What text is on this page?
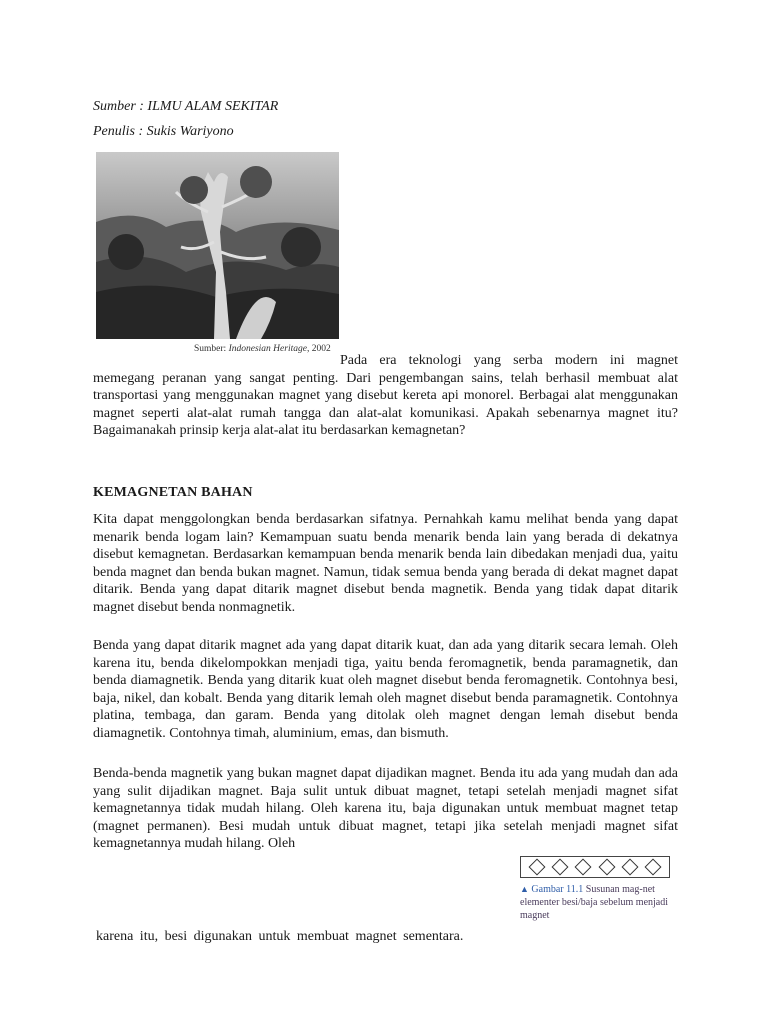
Sumber : ILMU ALAM SEKITAR
Penulis : Sukis Wariyono
Sumber: Indonesian Heritage, 2002
Pada era teknologi yang serba modern ini magnet memegang peranan yang sangat penting. Dari pengembangan sains, telah berhasil membuat alat transportasi yang menggunakan magnet yang disebut kereta api monorel. Berbagai alat menggunakan magnet seperti alat-alat rumah tangga dan alat-alat komunikasi. Apakah sebenarnya magnet itu? Bagaimanakah prinsip kerja alat-alat itu berdasarkan kemagnetan?
KEMAGNETAN BAHAN
Kita dapat menggolongkan benda berdasarkan sifatnya. Pernahkah kamu melihat benda yang dapat menarik benda logam lain? Kemampuan suatu benda menarik benda lain yang berada di dekatnya disebut kemagnetan. Berdasarkan kemampuan benda menarik benda lain dibedakan menjadi dua, yaitu benda magnet dan benda bukan magnet. Namun, tidak semua benda yang berada di dekat magnet dapat ditarik. Benda yang dapat ditarik magnet disebut benda magnetik. Benda yang tidak dapat ditarik magnet disebut benda nonmagnetik.
Benda yang dapat ditarik magnet ada yang dapat ditarik kuat, dan ada yang ditarik secara lemah. Oleh karena itu, benda dikelompokkan menjadi tiga, yaitu benda feromagnetik, benda paramagnetik, dan benda diamagnetik. Benda yang ditarik kuat oleh magnet disebut benda feromagnetik. Contohnya besi, baja, nikel, dan kobalt. Benda yang ditarik lemah oleh magnet disebut benda paramagnetik. Contohnya platina, tembaga, dan garam. Benda yang ditolak oleh magnet dengan lemah disebut benda diamagnetik. Contohnya timah, aluminium, emas, dan bismuth.
Benda-benda magnetik yang bukan magnet dapat dijadikan magnet. Benda itu ada yang mudah dan ada yang sulit dijadikan magnet. Baja sulit untuk dibuat magnet, tetapi setelah menjadi magnet sifat kemagnetannya tidak mudah hilang. Oleh karena itu, baja digunakan untuk membuat magnet tetap (magnet permanen). Besi mudah untuk dibuat magnet, tetapi jika setelah menjadi magnet sifat kemagnetannya mudah hilang. Oleh
▲ Gambar 11.1 Susunan mag-net elementer besi/baja sebelum menjadi magnet
karena itu, besi digunakan untuk membuat magnet sementara.
